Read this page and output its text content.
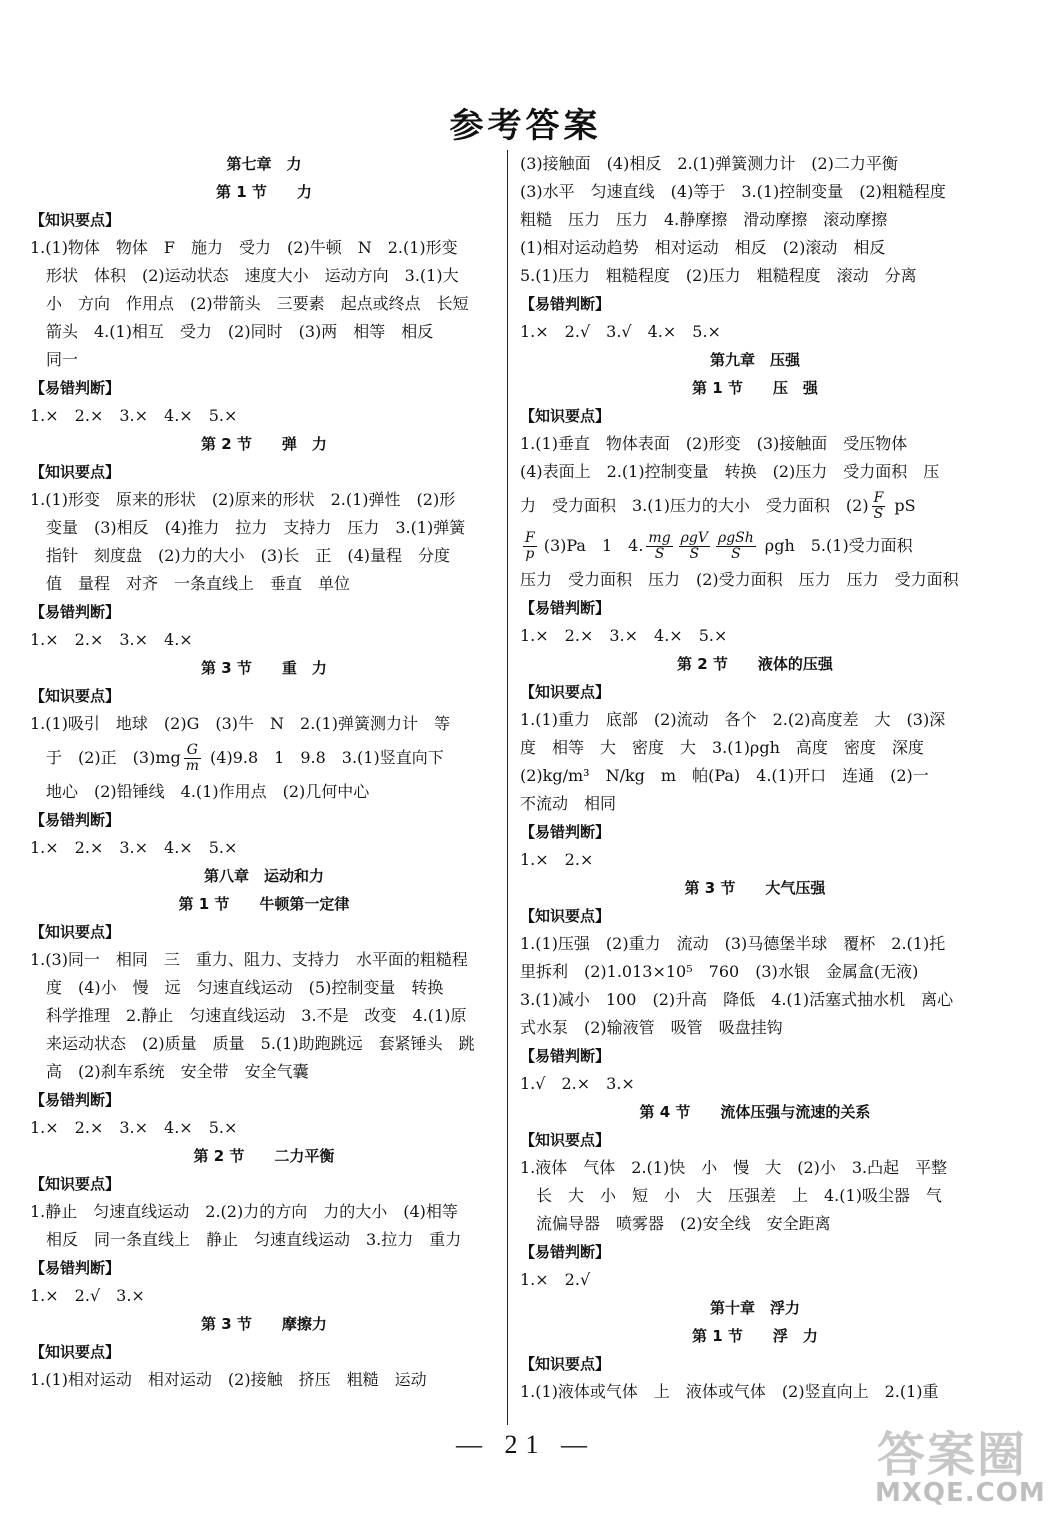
参考答案
第七章　力
第 1 节　　力
【知识要点】
1.(1)物体　物体　F　施力　受力　(2)牛顿　N　2.(1)形变
形状　体积　(2)运动状态　速度大小　运动方向　3.(1)大
小　方向　作用点　(2)带箭头　三要素　起点或终点　长短
箭头　4.(1)相互　受力　(2)同时　(3)两　相等　相反
同一
【易错判断】
1.×　2.×　3.×　4.×　5.×
第 2 节　　弹　力
【知识要点】
1.(1)形变　原来的形状　(2)原来的形状　2.(1)弹性　(2)形
变量　(3)相反　(4)推力　拉力　支持力　压力　3.(1)弹簧
指针　刻度盘　(2)力的大小　(3)长　正　(4)量程　分度
值　量程　对齐　一条直线上　垂直　单位
【易错判断】
1.×　2.×　3.×　4.×
第 3 节　　重　力
【知识要点】
1.(1)吸引　地球　(2)G　(3)牛　N　2.(1)弹簧测力计　等
于　(2)正　$(3)mg \frac{G}{m} (4)9.8$　1　9.8　3.(1)竖直向下
地心　(2)铅锤线　4.(1)作用点　(2)几何中心
【易错判断】
1.×　2.×　3.×　4.×　5.×
第八章　运动和力
第 1 节　　牛顿第一定律
【知识要点】
1.(3)同一　相同　三　重力、阻力、支持力　水平面的粗糙程
度　(4)小　慢　远　匀速直线运动　(5)控制变量　转换
科学推理　2.静止　匀速直线运动　3.不是　改变　4.(1)原
来运动状态　(2)质量　质量　5.(1)助跑跳远　套紧锤头　跳
高　(2)刹车系统　安全带　安全气囊
【易错判断】
1.×　2.×　3.×　4.×　5.×
第 2 节　　二力平衡
【知识要点】
1.静止　匀速直线运动　2.(2)力的方向　力的大小　(4)相等
相反　同一条直线上　静止　匀速直线运动　3.拉力　重力
【易错判断】
1.×　2.√　3.×
第 3 节　　摩擦力
【知识要点】
1.(1)相对运动　相对运动　(2)接触　挤压　粗糙　运动
(3)接触面　(4)相反　2.(1)弹簧测力计　(2)二力平衡
(3)水平　匀速直线　(4)等于　3.(1)控制变量　(2)粗糙程度
粗糙　压力　压力　4.静摩擦　滑动摩擦　滚动摩擦
(1)相对运动趋势　相对运动　相反　(2)滚动　相反
5.(1)压力　粗糙程度　(2)压力　粗糙程度　滚动　分离
【易错判断】
1.×　2.√　3.√　4.×　5.×
第九章　压强
第 1 节　　压　强
【知识要点】
1.(1)垂直　物体表面　(2)形变　(3)接触面　受压物体
(4)表面上　2.(1)控制变量　转换　(2)压力　受力面积　压
力　受力面积　3.(1)压力的大小　受力面积　$(2) \frac{F}{S}$ pS
$\frac{F}{p} (3)Pa$　1　4. $\frac{mg}{S} \frac{\text{ρgV}}{S} \frac{\text{ρgSh}}{S}$ ρgh　5.(1)受力面积
压力　受力面积　压力　(2)受力面积　压力　压力　受力面积
【易错判断】
1.×　2.×　3.×　4.×　5.×
第 2 节　　液体的压强
【知识要点】
1.(1)重力　底部　(2)流动　各个　2.(2)高度差　大　(3)深
度　相等　大　密度　大　3.(1)ρgh　高度　密度　深度
(2)kg/m³　N/kg　m　帕(Pa)　4.(1)开口　连通　(2)一
不流动　相同
【易错判断】
1.×　2.×
第 3 节　　大气压强
【知识要点】
1.(1)压强　(2)重力　流动　(3)马德堡半球　覆杯　2.(1)托
里拆利　(2)1.013×10⁵　760　(3)水银　金属盒(无液)
3.(1)减小　100　(2)升高　降低　4.(1)活塞式抽水机　离心
式水泵　(2)输液管　吸管　吸盘挂钩
【易错判断】
1.√　2.×　3.×
第 4 节　　流体压强与流速的关系
【知识要点】
1.液体　气体　2.(1)快　小　慢　大　(2)小　3.凸起　平整
长　大　小　短　小　大　压强差　上　4.(1)吸尘器　气
流偏导器　喷雾器　(2)安全线　安全距离
【易错判断】
1.×　2.√
第十章　浮力
第 1 节　　浮　力
【知识要点】
1.(1)液体或气体　上　液体或气体　(2)竖直向上　2.(1)重
— 21 —	答案圈
MXQE.COM
